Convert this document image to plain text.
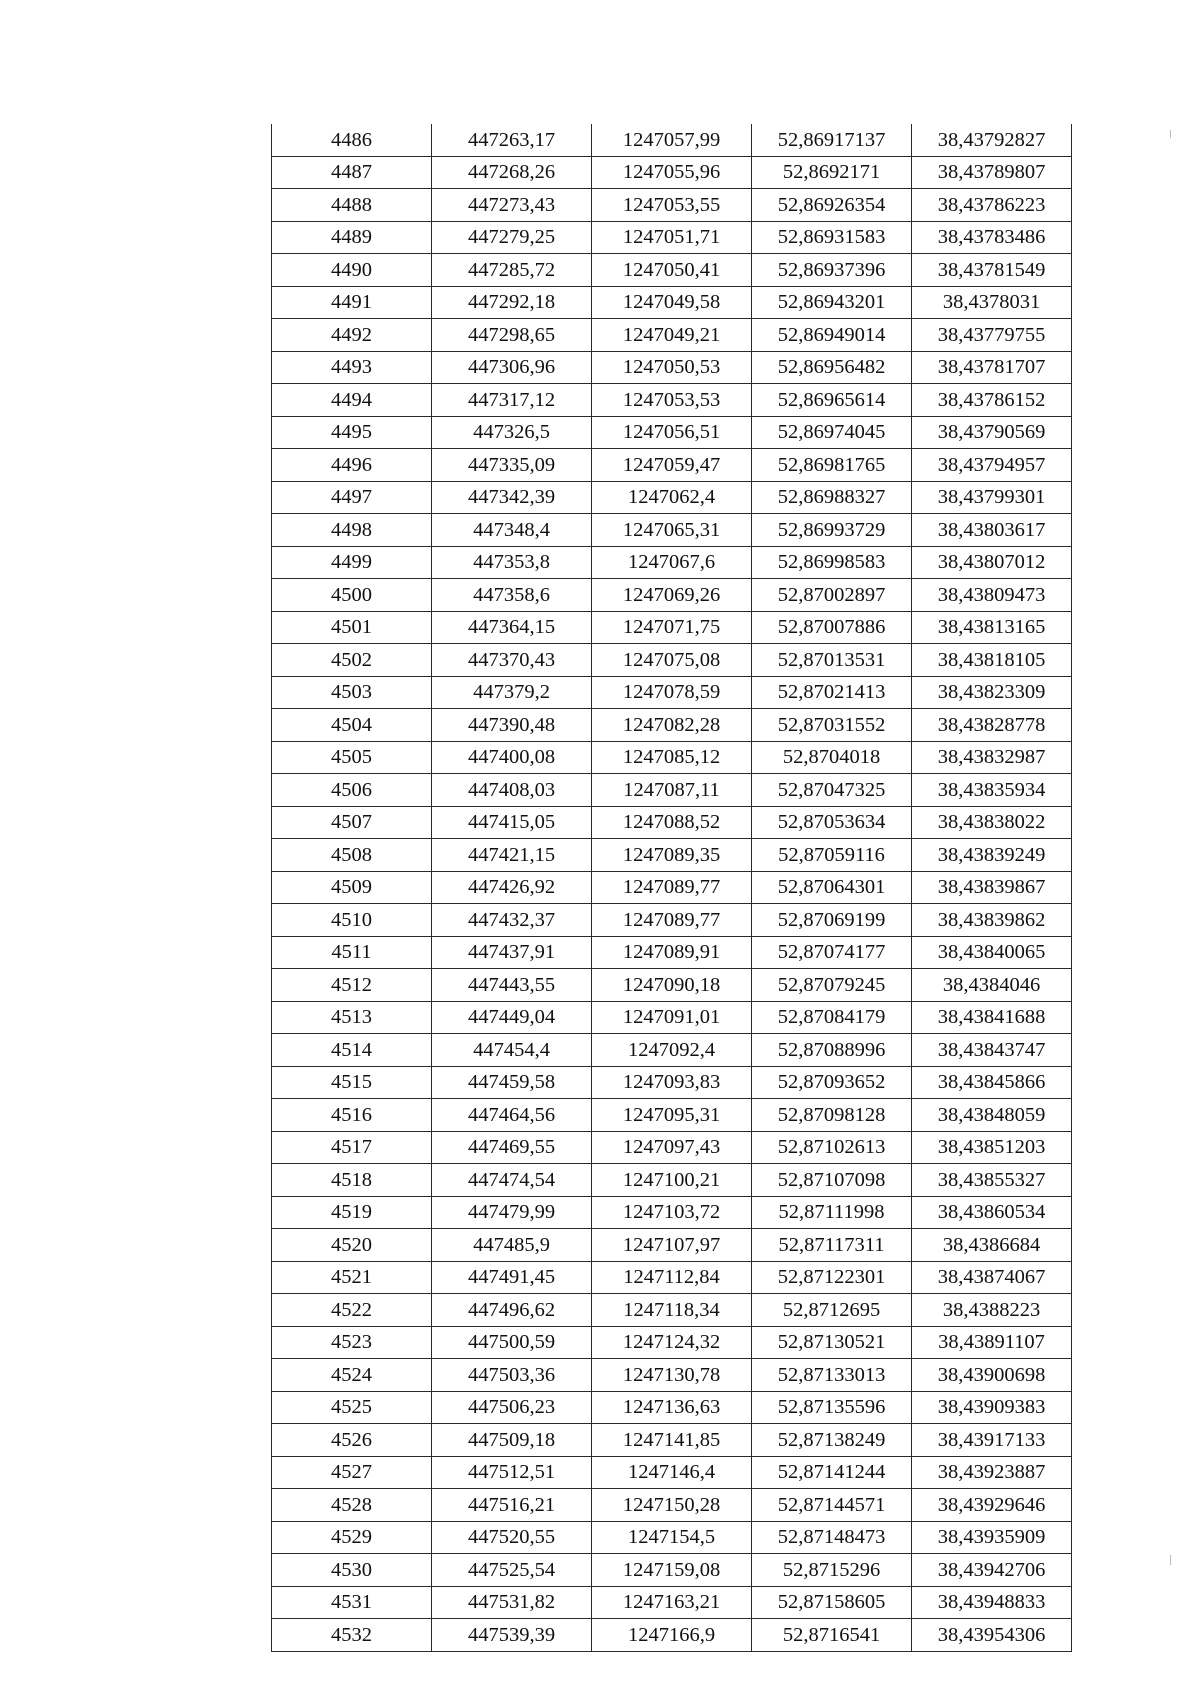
4486	447263,17	1247057,99	52,86917137	38,43792827
4487	447268,26	1247055,96	52,8692171	38,43789807
4488	447273,43	1247053,55	52,86926354	38,43786223
4489	447279,25	1247051,71	52,86931583	38,43783486
4490	447285,72	1247050,41	52,86937396	38,43781549
4491	447292,18	1247049,58	52,86943201	38,4378031
4492	447298,65	1247049,21	52,86949014	38,43779755
4493	447306,96	1247050,53	52,86956482	38,43781707
4494	447317,12	1247053,53	52,86965614	38,43786152
4495	447326,5	1247056,51	52,86974045	38,43790569
4496	447335,09	1247059,47	52,86981765	38,43794957
4497	447342,39	1247062,4	52,86988327	38,43799301
4498	447348,4	1247065,31	52,86993729	38,43803617
4499	447353,8	1247067,6	52,86998583	38,43807012
4500	447358,6	1247069,26	52,87002897	38,43809473
4501	447364,15	1247071,75	52,87007886	38,43813165
4502	447370,43	1247075,08	52,87013531	38,43818105
4503	447379,2	1247078,59	52,87021413	38,43823309
4504	447390,48	1247082,28	52,87031552	38,43828778
4505	447400,08	1247085,12	52,8704018	38,43832987
4506	447408,03	1247087,11	52,87047325	38,43835934
4507	447415,05	1247088,52	52,87053634	38,43838022
4508	447421,15	1247089,35	52,87059116	38,43839249
4509	447426,92	1247089,77	52,87064301	38,43839867
4510	447432,37	1247089,77	52,87069199	38,43839862
4511	447437,91	1247089,91	52,87074177	38,43840065
4512	447443,55	1247090,18	52,87079245	38,4384046
4513	447449,04	1247091,01	52,87084179	38,43841688
4514	447454,4	1247092,4	52,87088996	38,43843747
4515	447459,58	1247093,83	52,87093652	38,43845866
4516	447464,56	1247095,31	52,87098128	38,43848059
4517	447469,55	1247097,43	52,87102613	38,43851203
4518	447474,54	1247100,21	52,87107098	38,43855327
4519	447479,99	1247103,72	52,87111998	38,43860534
4520	447485,9	1247107,97	52,87117311	38,4386684
4521	447491,45	1247112,84	52,87122301	38,43874067
4522	447496,62	1247118,34	52,8712695	38,4388223
4523	447500,59	1247124,32	52,87130521	38,43891107
4524	447503,36	1247130,78	52,87133013	38,43900698
4525	447506,23	1247136,63	52,87135596	38,43909383
4526	447509,18	1247141,85	52,87138249	38,43917133
4527	447512,51	1247146,4	52,87141244	38,43923887
4528	447516,21	1247150,28	52,87144571	38,43929646
4529	447520,55	1247154,5	52,87148473	38,43935909
4530	447525,54	1247159,08	52,8715296	38,43942706
4531	447531,82	1247163,21	52,87158605	38,43948833
4532	447539,39	1247166,9	52,8716541	38,43954306
